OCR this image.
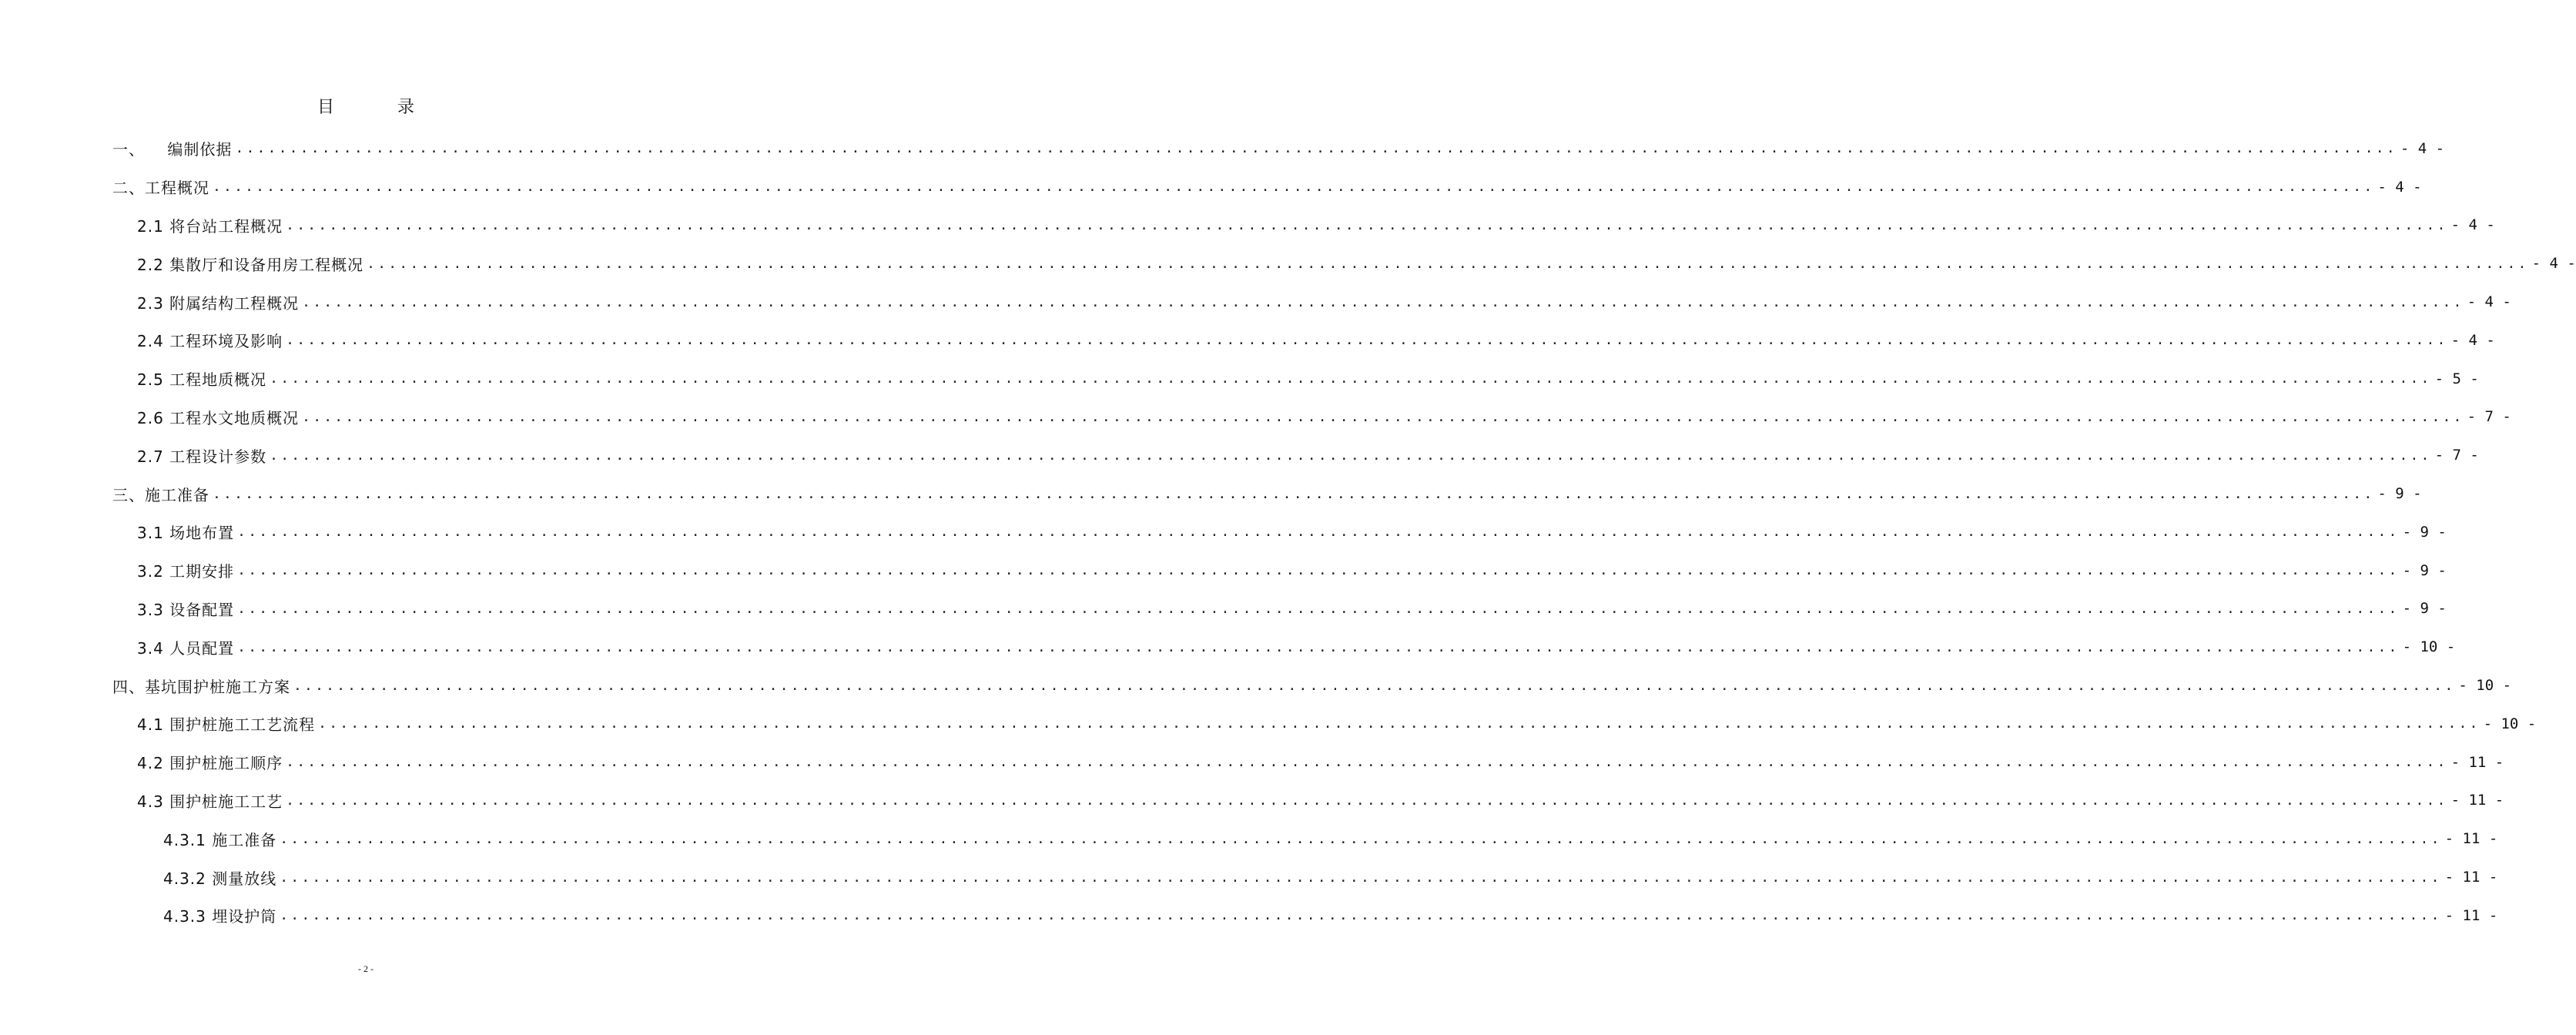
目　录
一、    编制依据 ........................................................................................................................................................................................................ - 4 -
二、工程概况 ........................................................................................................................................................................................................ - 4 -
2.1 将台站工程概况 ........................................................................................................................................................................................................ - 4 -
2.2 集散厅和设备用房工程概况 ........................................................................................................................................................................................................ - 4 -
2.3 附属结构工程概况 ........................................................................................................................................................................................................ - 4 -
2.4 工程环境及影响 ........................................................................................................................................................................................................ - 4 -
2.5 工程地质概况 ........................................................................................................................................................................................................ - 5 -
2.6 工程水文地质概况 ........................................................................................................................................................................................................ - 7 -
2.7 工程设计参数 ........................................................................................................................................................................................................ - 7 -
三、施工准备 ........................................................................................................................................................................................................ - 9 -
3.1 场地布置 ........................................................................................................................................................................................................ - 9 -
3.2 工期安排 ........................................................................................................................................................................................................ - 9 -
3.3 设备配置 ........................................................................................................................................................................................................ - 9 -
3.4 人员配置 ........................................................................................................................................................................................................ - 10 -
四、基坑围护桩施工方案 ........................................................................................................................................................................................................ - 10 -
4.1 围护桩施工工艺流程 ........................................................................................................................................................................................................ - 10 -
4.2 围护桩施工顺序 ........................................................................................................................................................................................................ - 11 -
4.3 围护桩施工工艺 ........................................................................................................................................................................................................ - 11 -
4.3.1 施工准备 ........................................................................................................................................................................................................ - 11 -
4.3.2 测量放线 ........................................................................................................................................................................................................ - 11 -
4.3.3 埋设护筒 ........................................................................................................................................................................................................ - 11 -
- 2 -
